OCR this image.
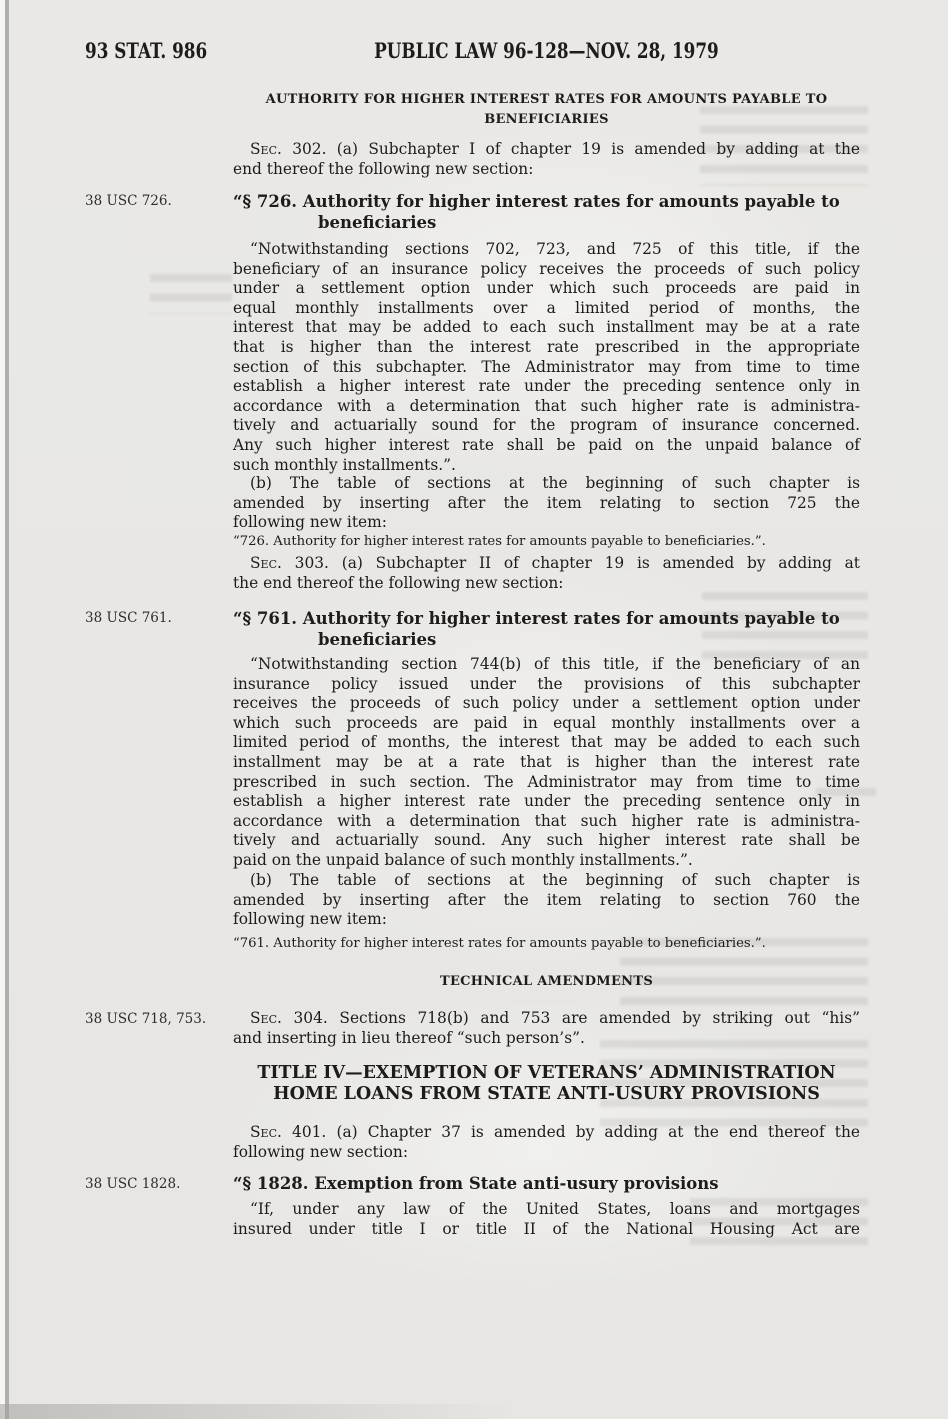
93 STAT. 986	PUBLIC LAW 96-128—NOV. 28, 1979
AUTHORITY FOR HIGHER INTEREST RATES FOR AMOUNTS PAYABLE TO
BENEFICIARIES
Sec. 302. (a) Subchapter I of chapter 19 is amended by adding at the
end thereof the following new section:
38 USC 726.	“§ 726. Authority for higher interest rates for amounts payable to
beneficiaries
“Notwithstanding sections 702, 723, and 725 of this title, if the
beneficiary of an insurance policy receives the proceeds of such policy
under a settlement option under which such proceeds are paid in
equal monthly installments over a limited period of months, the
interest that may be added to each such installment may be at a rate
that is higher than the interest rate prescribed in the appropriate
section of this subchapter. The Administrator may from time to time
establish a higher interest rate under the preceding sentence only in
accordance with a determination that such higher rate is administra-
tively and actuarially sound for the program of insurance concerned.
Any such higher interest rate shall be paid on the unpaid balance of
such monthly installments.”.
(b) The table of sections at the beginning of such chapter is
amended by inserting after the item relating to section 725 the
following new item:
“726. Authority for higher interest rates for amounts payable to beneficiaries.”.
Sec. 303. (a) Subchapter II of chapter 19 is amended by adding at
the end thereof the following new section:
38 USC 761.	“§ 761. Authority for higher interest rates for amounts payable to
beneficiaries
“Notwithstanding section 744(b) of this title, if the beneficiary of an
insurance policy issued under the provisions of this subchapter
receives the proceeds of such policy under a settlement option under
which such proceeds are paid in equal monthly installments over a
limited period of months, the interest that may be added to each such
installment may be at a rate that is higher than the interest rate
prescribed in such section. The Administrator may from time to time
establish a higher interest rate under the preceding sentence only in
accordance with a determination that such higher rate is administra-
tively and actuarially sound. Any such higher interest rate shall be
paid on the unpaid balance of such monthly installments.”.
(b) The table of sections at the beginning of such chapter is
amended by inserting after the item relating to section 760 the
following new item:
“761. Authority for higher interest rates for amounts payable to beneficiaries.”.
TECHNICAL AMENDMENTS
38 USC 718, 753.	Sec. 304. Sections 718(b) and 753 are amended by striking out “his”
and inserting in lieu thereof “such person’s”.
TITLE IV—EXEMPTION OF VETERANS’ ADMINISTRATION
HOME LOANS FROM STATE ANTI-USURY PROVISIONS
Sec. 401. (a) Chapter 37 is amended by adding at the end thereof the
following new section:
38 USC 1828.	“§ 1828. Exemption from State anti-usury provisions
“If, under any law of the United States, loans and mortgages
insured under title I or title II of the National Housing Act are
